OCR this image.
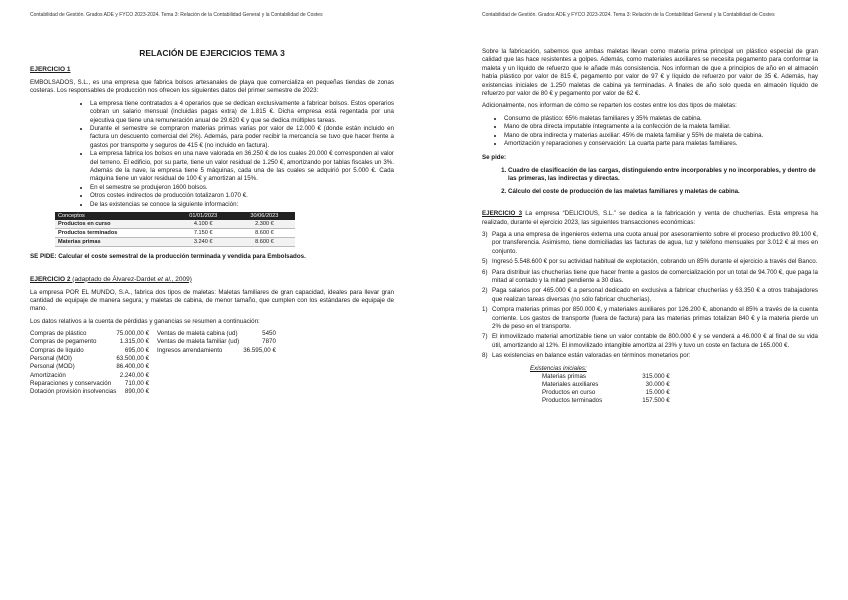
Contabilidad de Gestión. Grados ADE y FYCO 2023-2024. Tema 3: Relación de la Contabilidad General y la Contabilidad de Costes
RELACIÓN DE EJERCICIOS TEMA 3
EJERCICIO 1

EMBOLSADOS, S.L., es una empresa que fabrica bolsos artesanales de playa que comercializa en pequeñas tiendas de zonas costeras. Los responsables de producción nos ofrecen los siguientes datos del primer semestre de 2023:

• La empresa tiene contratados a 4 operarios que se dedican exclusivamente a fabricar bolsos. Estos operarios cobran un salario mensual (incluidas pagas extra) de 1.815 €. Dicha empresa está regentada por una ejecutiva que tiene una remuneración anual de 29.620 € y que se dedica múltiples tareas.
• Durante el semestre se compraron materias primas varias por valor de 12.000 € (donde están incluido en factura un descuento comercial del 2%). Además, para poder recibir la mercancía se tuvo que hacer frente a gastos por transporte y seguros de 415 € (no incluido en factura).
• La empresa fabrica los bolsos en una nave valorada en 36.250 € de los cuales 20.000 € corresponden al valor del terreno. El edificio, por su parte, tiene un valor residual de 1.250 €, amortizando por tablas fiscales un 3%. Además de la nave, la empresa tiene 5 máquinas, cada una de las cuales se adquirió por 5.000 €. Cada máquina tiene un valor residual de 100 € y amortizan al 15%.
• En el semestre se produjeron 1600 bolsos.
• Otros costes indirectos de producción totalizaron 1.070 €.
• De las existencias se conoce la siguiente información:
Conceptos	01/01/2023	30/06/2023
Productos en curso	4.100 €	2.300 €
Productos terminados	7.150 €	8.600 €
Materias primas	3.240 €	8.600 €

SE PIDE: Calcular el coste semestral de la producción terminada y vendida para Embolsados.

EJERCICIO 2 (adaptado de Álvarez-Dardet et al., 2009)

La empresa POR EL MUNDO, S.A., fabrica dos tipos de maletas: Maletas familiares de gran capacidad, ideales para llevar gran cantidad de equipaje de manera segura; y maletas de cabina, de menor tamaño, que cumplen con los estándares de equipaje de mano.

Los datos relativos a la cuenta de pérdidas y ganancias se resumen a continuación:

Compras de plástico	75.000,00 €	Ventas de maleta cabina (ud)	5450
Compras de pegamento	1.315,00 €	Ventas de maleta familiar (ud)	7870
Compras de líquido	695,00 €	Ingresos arrendamiento	36.595,00 €
Personal (MOI)	63.500,00 €		
Personal (MOD)	86.400,00 €		
Amortización	2.240,00 €		
Reparaciones y conservación	710,00 €		
Dotación provisión insolvencias	890,00 €		
Contabilidad de Gestión. Grados ADE y FYCO 2023-2024. Tema 3: Relación de la Contabilidad General y la Contabilidad de Costes

Sobre la fabricación, sabemos que ambas maletas llevan como materia prima principal un plástico especial de gran calidad que las hace resistentes a golpes. Además, como materiales auxiliares se necesita pegamento para conformar la maleta y un líquido de refuerzo que le añade más consistencia. Nos informan de que a principios de año en el almacén había plástico por valor de 815 €, pegamento por valor de 97 € y líquido de refuerzo por valor de 35 €. Además, hay existencias iniciales de 1.250 maletas de cabina ya terminadas. A finales de año solo queda en almacén líquido de refuerzo por valor de 80 € y pegamento por valor de 62 €.

Adicionalmente, nos informan de cómo se reparten los costes entre los dos tipos de maletas:

• Consumo de plástico: 65% maletas familiares y 35% maletas de cabina.
• Mano de obra directa imputable íntegramente a la confección de la maleta familiar.
• Mano de obra indirecta y materias auxiliar: 45% de maleta familiar y 55% de maleta de cabina.
• Amortización y reparaciones y conservación: La cuarta parte para maletas familiares.

Se pide:

1. Cuadro de clasificación de las cargas, distinguiendo entre incorporables y no incorporables, y dentro de las primeras, las indirectas y directas.
2. Cálculo del coste de producción de las maletas familiares y maletas de cabina.

EJERCICIO 3 La empresa “DELICIOUS, S.L.” se dedica a la fabricación y venta de chucherías. Esta empresa ha realizado, durante el ejercicio 2023, las siguientes transacciones económicas:

3) Paga a una empresa de ingenieros externa una cuota anual por asesoramiento sobre el proceso productivo 89.100 €, por transferencia. Asimismo, tiene domiciliadas las facturas de agua, luz y teléfono mensuales por 3.012 € al mes en conjunto.
5) Ingresó 5.548.600 € por su actividad habitual de explotación, cobrando un 85% durante el ejercicio a través del Banco.
6) Para distribuir las chucherías tiene que hacer frente a gastos de comercialización por un total de 94.700 €, que paga la mitad al contado y la mitad pendiente a 30 días.
2) Paga salarios por 465.000 € a personal dedicado en exclusiva a fabricar chucherías y 63.350 € a otros trabajadores que realizan tareas diversas (no sólo fabricar chucherías).
1) Compra materias primas por 850.000 €, y materiales auxiliares por 126.200 €, abonando el 85% a través de la cuenta corriente. Los gastos de transporte (fuera de factura) para las materias primas totalizan 840 € y la materia pierde un 2% de peso en el transporte.
7) El inmovilizado material amortizable tiene un valor contable de 800.000 € y se venderá a 46.000 € al final de su vida útil, amortizando al 12%. El inmovilizado intangible amortiza al 23% y tuvo un coste en factura de 165.000 €.
8) Las existencias en balance están valoradas en términos monetarios por:
Existencias iniciales:
Materias primas	315.000 €
Materiales auxiliares	30.000 €
Productos en curso	15.000 €
Productos terminados	157.500 €
